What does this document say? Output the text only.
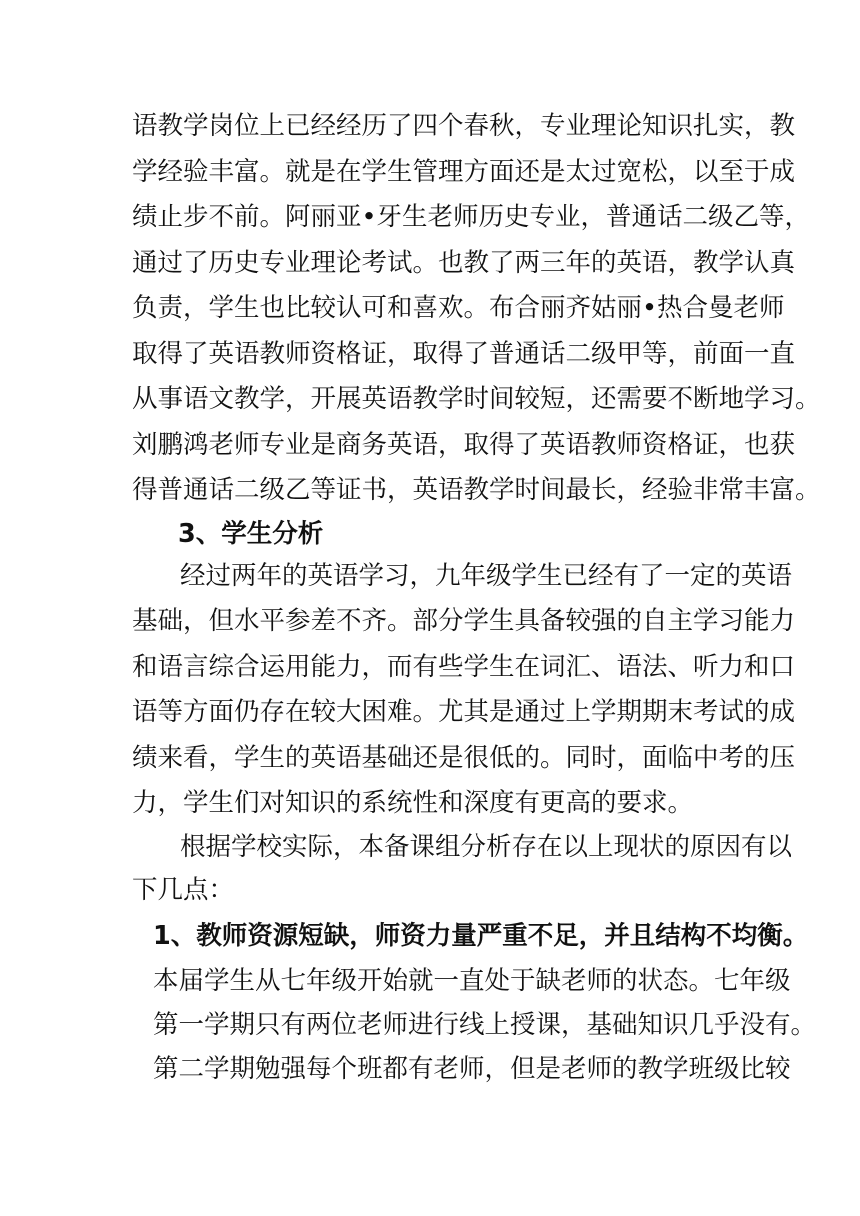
语教学岗位上已经经历了四个春秋，专业理论知识扎实，教
学经验丰富。就是在学生管理方面还是太过宽松，以至于成
绩止步不前。阿丽亚•牙生老师历史专业，普通话二级乙等，
通过了历史专业理论考试。也教了两三年的英语，教学认真
负责，学生也比较认可和喜欢。布合丽齐姑丽•热合曼老师
取得了英语教师资格证，取得了普通话二级甲等，前面一直
从事语文教学，开展英语教学时间较短，还需要不断地学习。
刘鹏鸿老师专业是商务英语，取得了英语教师资格证，也获
得普通话二级乙等证书，英语教学时间最长，经验非常丰富。
3、学生分析
经过两年的英语学习，九年级学生已经有了一定的英语
基础，但水平参差不齐。部分学生具备较强的自主学习能力
和语言综合运用能力，而有些学生在词汇、语法、听力和口
语等方面仍存在较大困难。尤其是通过上学期期末考试的成
绩来看，学生的英语基础还是很低的。同时，面临中考的压
力，学生们对知识的系统性和深度有更高的要求。
根据学校实际，本备课组分析存在以上现状的原因有以
下几点：
1、教师资源短缺，师资力量严重不足，并且结构不均衡。
本届学生从七年级开始就一直处于缺老师的状态。七年级
第一学期只有两位老师进行线上授课，基础知识几乎没有。
第二学期勉强每个班都有老师，但是老师的教学班级比较
